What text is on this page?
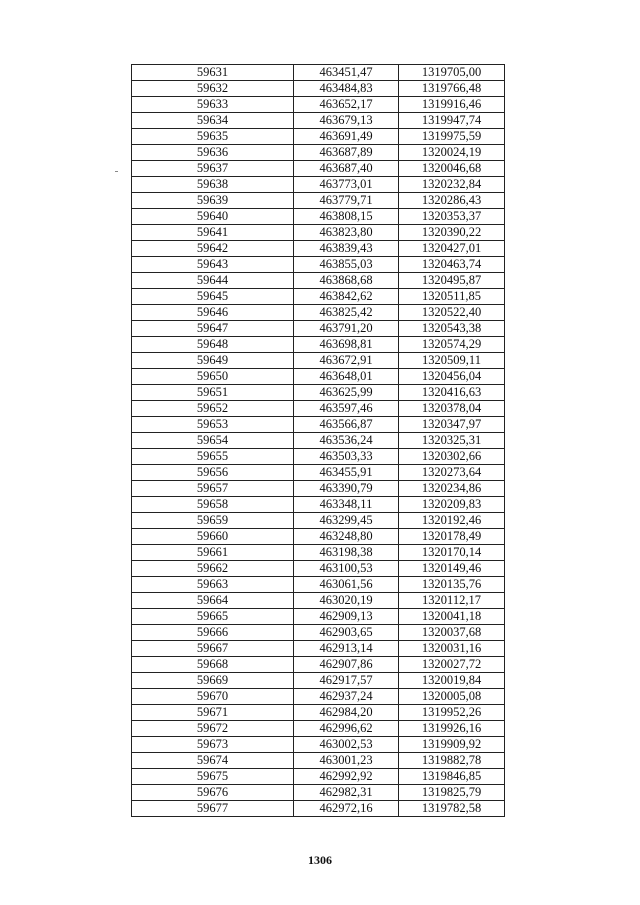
59631	463451,47	1319705,00
59632	463484,83	1319766,48
59633	463652,17	1319916,46
59634	463679,13	1319947,74
59635	463691,49	1319975,59
59636	463687,89	1320024,19
59637	463687,40	1320046,68
59638	463773,01	1320232,84
59639	463779,71	1320286,43
59640	463808,15	1320353,37
59641	463823,80	1320390,22
59642	463839,43	1320427,01
59643	463855,03	1320463,74
59644	463868,68	1320495,87
59645	463842,62	1320511,85
59646	463825,42	1320522,40
59647	463791,20	1320543,38
59648	463698,81	1320574,29
59649	463672,91	1320509,11
59650	463648,01	1320456,04
59651	463625,99	1320416,63
59652	463597,46	1320378,04
59653	463566,87	1320347,97
59654	463536,24	1320325,31
59655	463503,33	1320302,66
59656	463455,91	1320273,64
59657	463390,79	1320234,86
59658	463348,11	1320209,83
59659	463299,45	1320192,46
59660	463248,80	1320178,49
59661	463198,38	1320170,14
59662	463100,53	1320149,46
59663	463061,56	1320135,76
59664	463020,19	1320112,17
59665	462909,13	1320041,18
59666	462903,65	1320037,68
59667	462913,14	1320031,16
59668	462907,86	1320027,72
59669	462917,57	1320019,84
59670	462937,24	1320005,08
59671	462984,20	1319952,26
59672	462996,62	1319926,16
59673	463002,53	1319909,92
59674	463001,23	1319882,78
59675	462992,92	1319846,85
59676	462982,31	1319825,79
59677	462972,16	1319782,58
1306
